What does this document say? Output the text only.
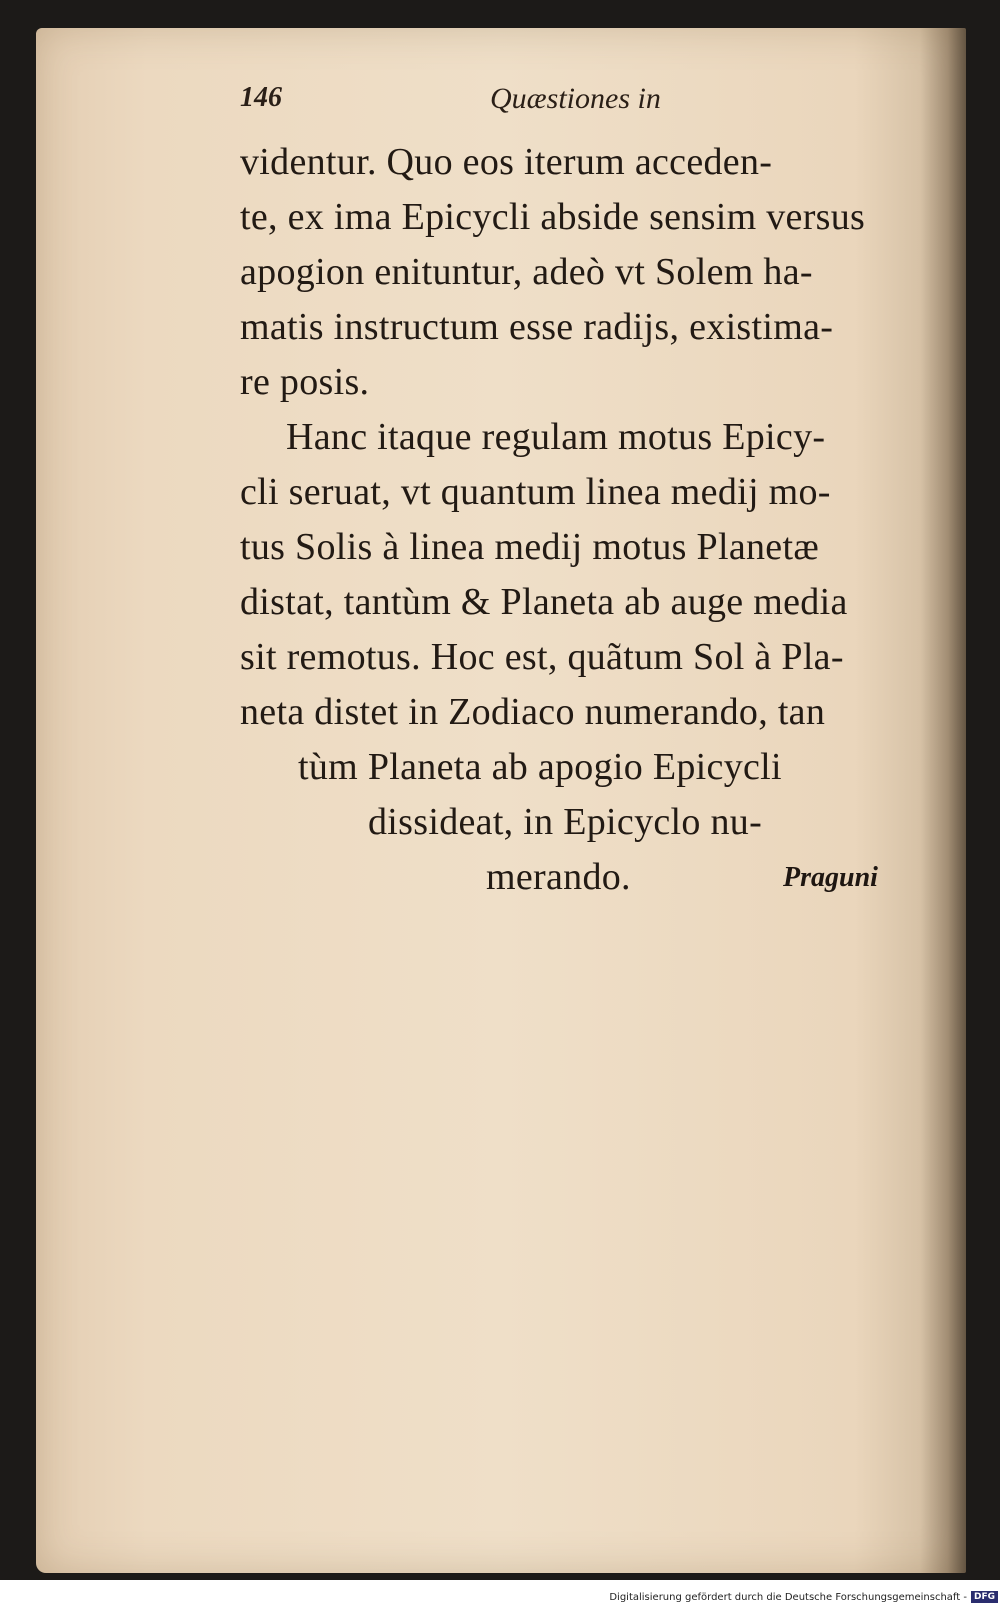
146	Quæstiones in
videntur. Quo eos iterum acceden-
te, ex ima Epicycli abside sensim versus
apogion enituntur, adeò vt Solem ha-
matis instructum esse radijs, existima-
re posis.
Hanc itaque regulam motus Epicy-
cli seruat, vt quantum linea medij mo-
tus Solis à linea medij motus Planetæ
distat, tantùm & Planeta ab auge media
sit remotus. Hoc est, quãtum Sol à Pla-
neta distet in Zodiaco numerando, tan
tùm Planeta ab apogio Epicycli
dissideat, in Epicyclo nu-
merando.	Praguni
Digitalisierung gefördert durch die Deutsche Forschungsgemeinschaft - DFG
